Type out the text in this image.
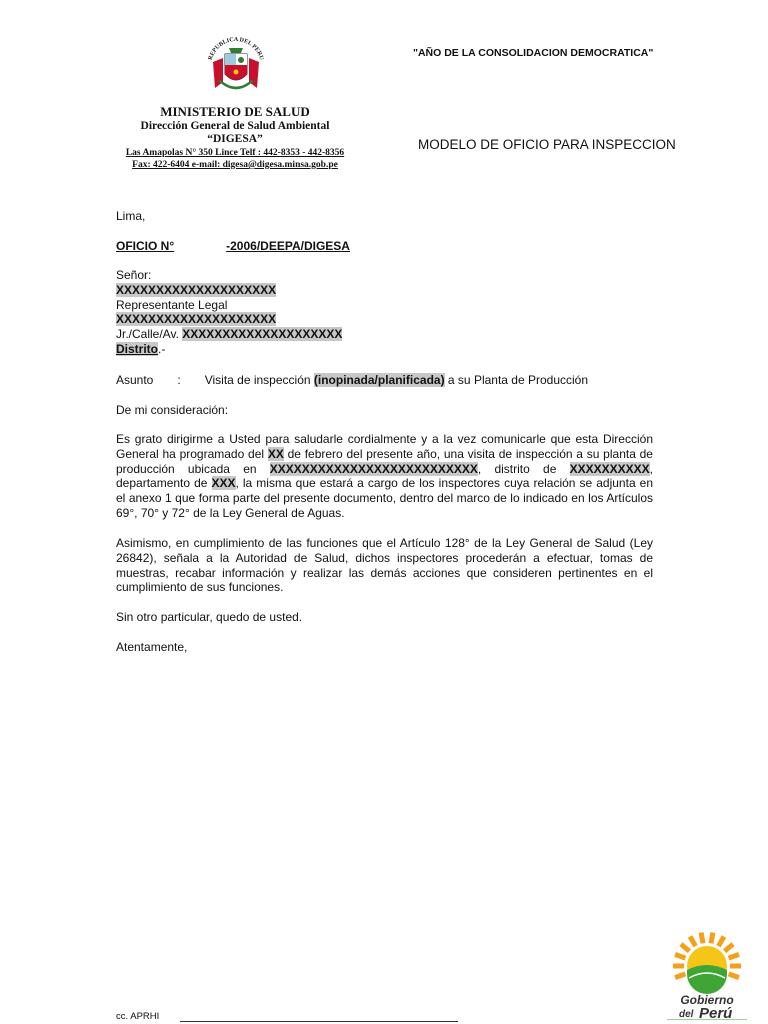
REPUBLICA DEL PERU
MINISTERIO DE SALUD
Dirección General de Salud Ambiental
“DIGESA”
Las Amapolas N° 350 Lince Telf : 442-8353 - 442-8356
Fax: 422-6404 e-mail: digesa@digesa.minsa.gob.pe
"AÑO DE LA CONSOLIDACION DEMOCRATICA"
MODELO DE OFICIO PARA INSPECCION
Lima,
OFICIO N°	-2006/DEEPA/DIGESA
Señor:
XXXXXXXXXXXXXXXXXXXX
Representante Legal
XXXXXXXXXXXXXXXXXXXX
Jr./Calle/Av. XXXXXXXXXXXXXXXXXXXX
Distrito.-
Asunto : Visita de inspección (inopinada/planificada) a su Planta de Producción
De mi consideración:
Es grato dirigirme a Usted para saludarle cordialmente y a la vez comunicarle que esta Dirección General ha programado del XX de febrero del presente año, una visita de inspección a su planta de producción ubicada en XXXXXXXXXXXXXXXXXXXXXXXXXX, distrito de XXXXXXXXXX, departamento de XXX, la misma que estará a cargo de los inspectores cuya relación se adjunta en el anexo 1 que forma parte del presente documento, dentro del marco de lo indicado en los Artículos 69°, 70° y 72° de la Ley General de Aguas.
Asimismo, en cumplimiento de las funciones que el Artículo 128° de la Ley General de Salud (Ley 26842), señala a la Autoridad de Salud, dichos inspectores procederán a efectuar, tomas de muestras, recabar información y realizar las demás acciones que consideren pertinentes en el cumplimiento de sus funciones.
Sin otro particular, quedo de usted.
Atentamente,
cc. APRHI
Gobierno
del Perú
